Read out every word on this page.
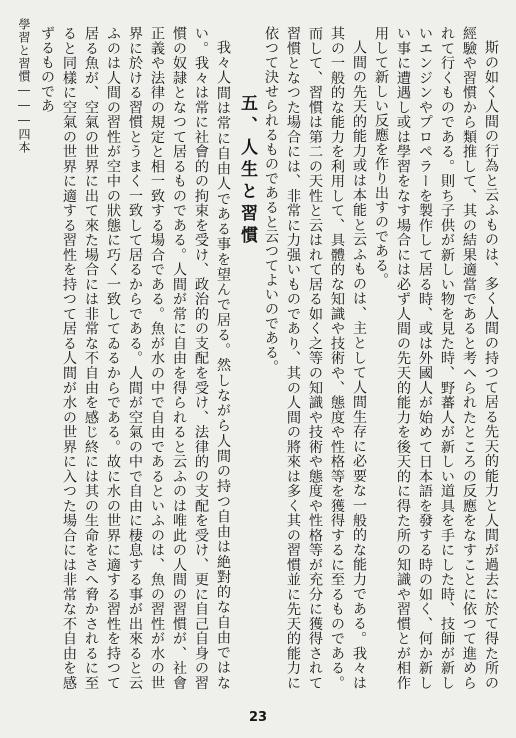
學習と習慣―――四本	斯の如く人間の行為と云ふものは、多く人間の持つて居る先天的能力と人間が過去に於て得た所の經驗や習慣から類推して、其の結果適當であると考へられたところの反應をなすことに依つて進められて行くものである。則ち子供が新しい物を見た時、野蕃人が新しい道具を手にした時、技師が新しいエンジンやプロペラーを製作して居る時、或は外國人が始めて日本語を發する時の如く、何か新しい事に遭遇し或は學習をなす場合には必ず人間の先天的能力を後天的に得た所の知識や習慣とが相作用して新しい反應を作り出すのである。

人間の先天的能力或は本能と云ふものは、主として人間生存に必要な一般的な能力である。我々は其の一般的な能力を利用して、具體的な知識や技術や、態度や性格等を獲得するに至るものである。而して、習慣は第二の天性と云はれて居る如く之等の知識や技術や態度や性格等が充分に獲得されて習慣となつた場合には、非常に力强いものであり、其の人間の將來は多く其の習慣並に先天的能力に依つて決せられるものであると云つてよいのである。

五、人生と習慣

我々人間は常に自由人である事を望んで居る。然しながら人間の持つ自由は絶對的な自由ではない。我々は常に社會的の拘束を受け、政治的の支配を受け、法律的の支配を受け、更に自己自身の習慣の奴隷となつて居るものである。人間が常に自由を得られると云ふのは唯此の人間の習慣が、社會正義や法律の規定と相一致する場合である。魚が水の中で自由であるといふのは、魚の習性が水の世界に於ける習慣とうまく一致して居るからである。人間が空氣の中で自由に棲息する事が出來ると云ふのは人間の習性が空中の狀態に巧く一致してゐるからである。故に水の世界に適する習性を持つて居る魚が、空氣の世界に出て來た場合には非常な不自由を感じ終には其の生命をさへ脅かされるに至ると同樣に空氣の世界に適する習性を持つて居る人間が水の世界に入つた場合には非常な不自由を感ずるものであ

23
